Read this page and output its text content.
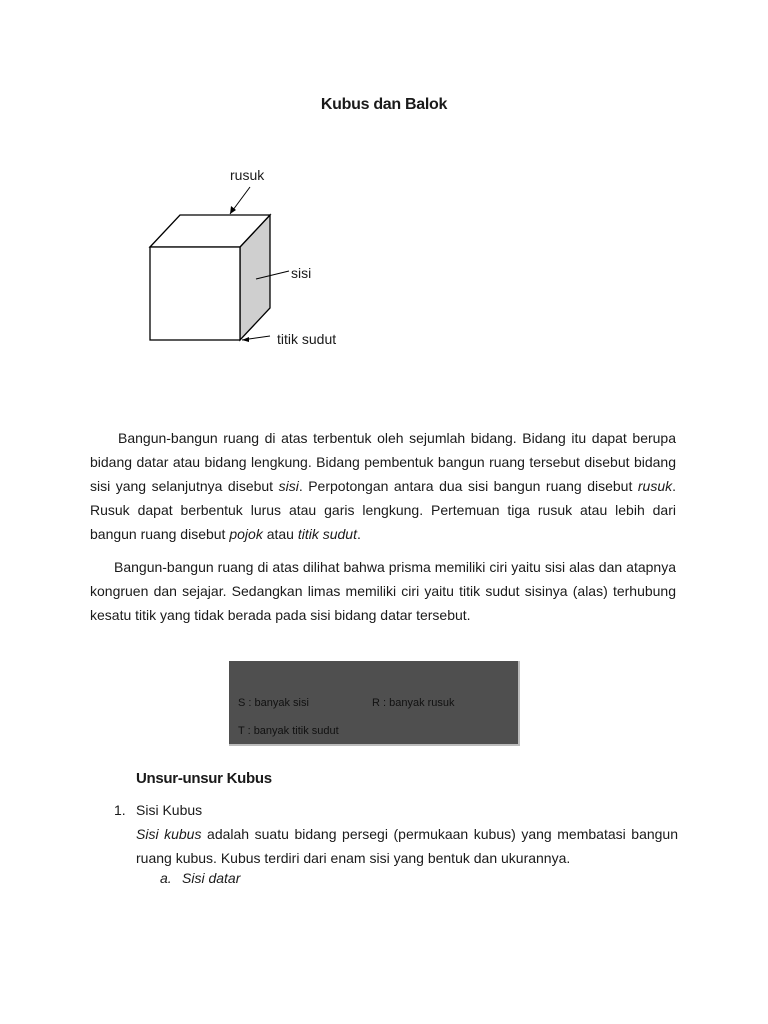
Kubus dan Balok
rusuk
sisi
titik sudut

Bangun-bangun ruang di atas terbentuk oleh sejumlah bidang. Bidang itu dapat berupa bidang datar atau bidang lengkung. Bidang pembentuk bangun ruang tersebut disebut bidang sisi yang selanjutnya disebut sisi. Perpotongan antara dua sisi bangun ruang disebut rusuk. Rusuk dapat berbentuk lurus atau garis lengkung. Pertemuan tiga rusuk atau lebih dari bangun ruang disebut pojok atau titik sudut.

Bangun-bangun ruang di atas dilihat bahwa prisma memiliki ciri yaitu sisi alas dan atapnya kongruen dan sejajar. Sedangkan limas memiliki ciri yaitu titik sudut sisinya (alas) terhubung kesatu titik yang tidak berada pada sisi bidang datar tersebut.

S : banyak sisi	R : banyak rusuk
T : banyak titik sudut
Unsur-unsur Kubus
1. Sisi Kubus
Sisi kubus adalah suatu bidang persegi (permukaan kubus) yang membatasi bangun ruang kubus. Kubus terdiri dari enam sisi yang bentuk dan ukurannya.
a. Sisi datar
